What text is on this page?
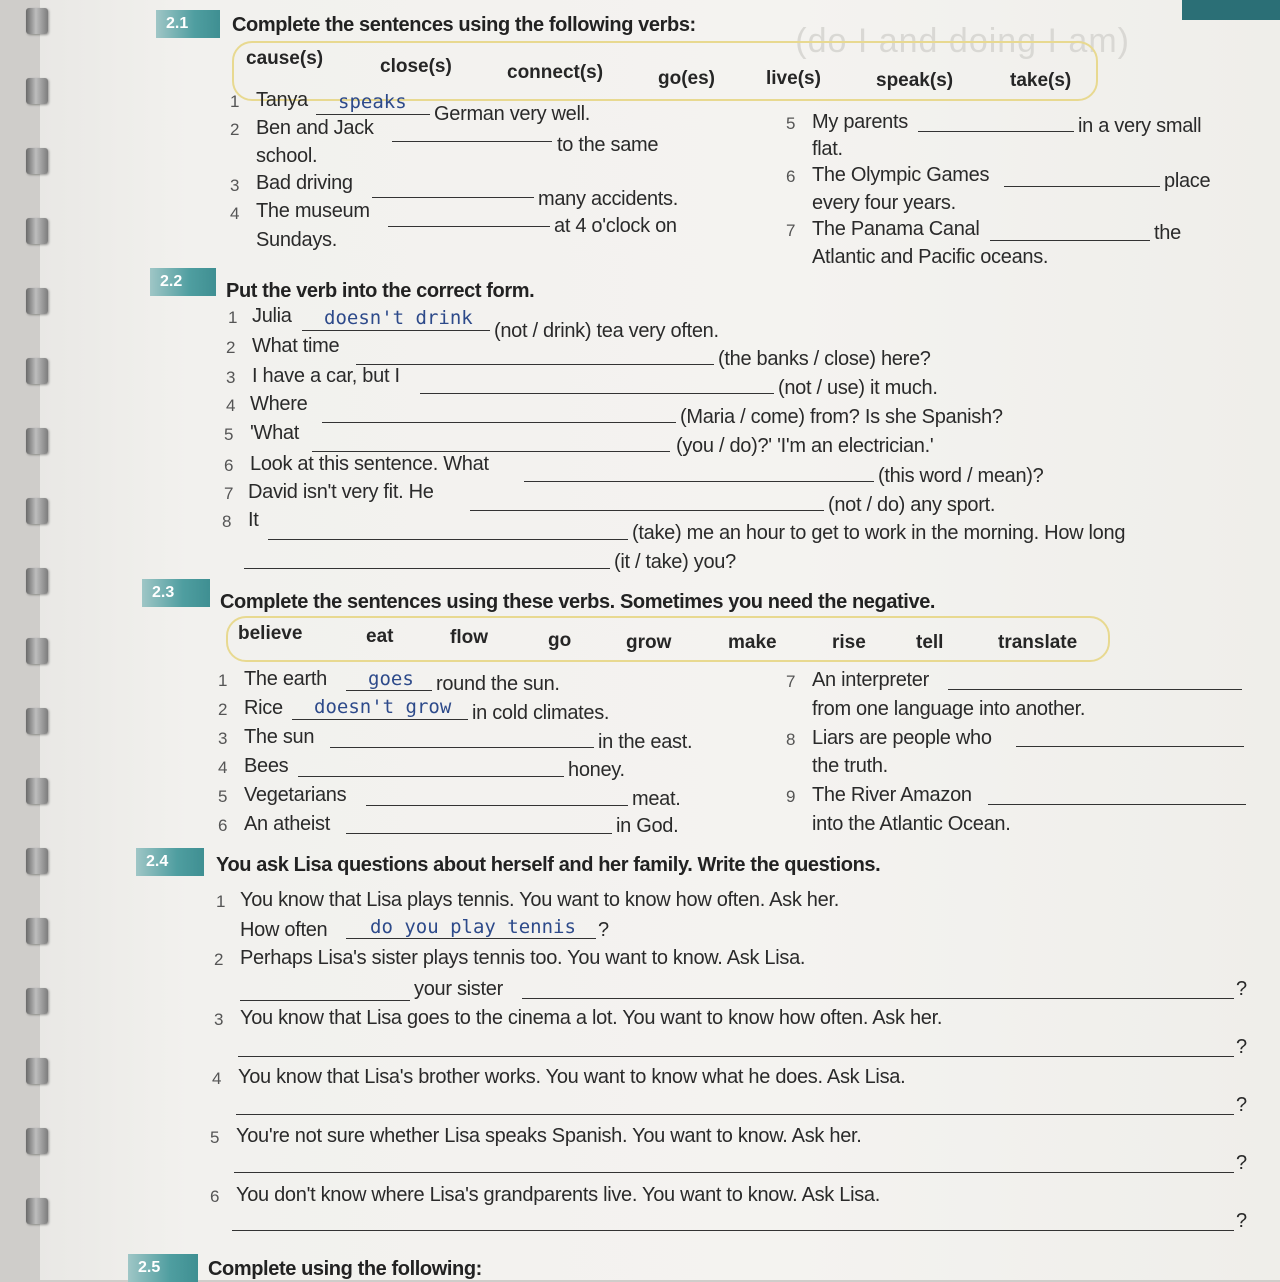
(do I and doing I am)
2.1	Complete the sentences using the following verbs:
cause(s)	close(s)	connect(s)	go(es)	live(s)	speak(s)	take(s)
1 Tanya speaks
German very well.
2 Ben and Jack
to the same
school.
3 Bad driving
many accidents.
4 The museum
at 4 o'clock on
Sundays.
5 My parents	in a very small
flat.
6 The Olympic Games	place
every four years.
7 The Panama Canal	the
Atlantic and Pacific oceans.
2.2	Put the verb into the correct form.
1 Julia doesn't drink
(not / drink) tea very often.
2 What time
(the banks / close) here?
3 I have a car, but I
(not / use) it much.
4 Where
(Maria / come) from? Is she Spanish?
5 'What
(you / do)?' 'I'm an electrician.'
6 Look at this sentence. What
(this word / mean)?
7 David isn't very fit. He
(not / do) any sport.
8 It
(take) me an hour to get to work in the morning. How long
(it / take) you?
2.3	Complete the sentences using these verbs. Sometimes you need the negative.
believe	eat	flow	go	grow	make	rise	tell	translate
1 The earth goes round the sun.
2 Rice doesn't grow in cold climates.
3 The sun	in the east.
4 Bees	honey.
5 Vegetarians	meat.
6 An atheist	in God.
7 An interpreter
from one language into another.
8 Liars are people who
the truth.
9 The River Amazon
into the Atlantic Ocean.
2.4	You ask Lisa questions about herself and her family. Write the questions.
1 You know that Lisa plays tennis. You want to know how often. Ask her.
How often do you play tennis ?
2 Perhaps Lisa's sister plays tennis too. You want to know. Ask Lisa.
your sister	?
3 You know that Lisa goes to the cinema a lot. You want to know how often. Ask her.
?
4 You know that Lisa's brother works. You want to know what he does. Ask Lisa.
?
5 You're not sure whether Lisa speaks Spanish. You want to know. Ask her.
?
6 You don't know where Lisa's grandparents live. You want to know. Ask Lisa.
?
2.5	Complete using the following:
